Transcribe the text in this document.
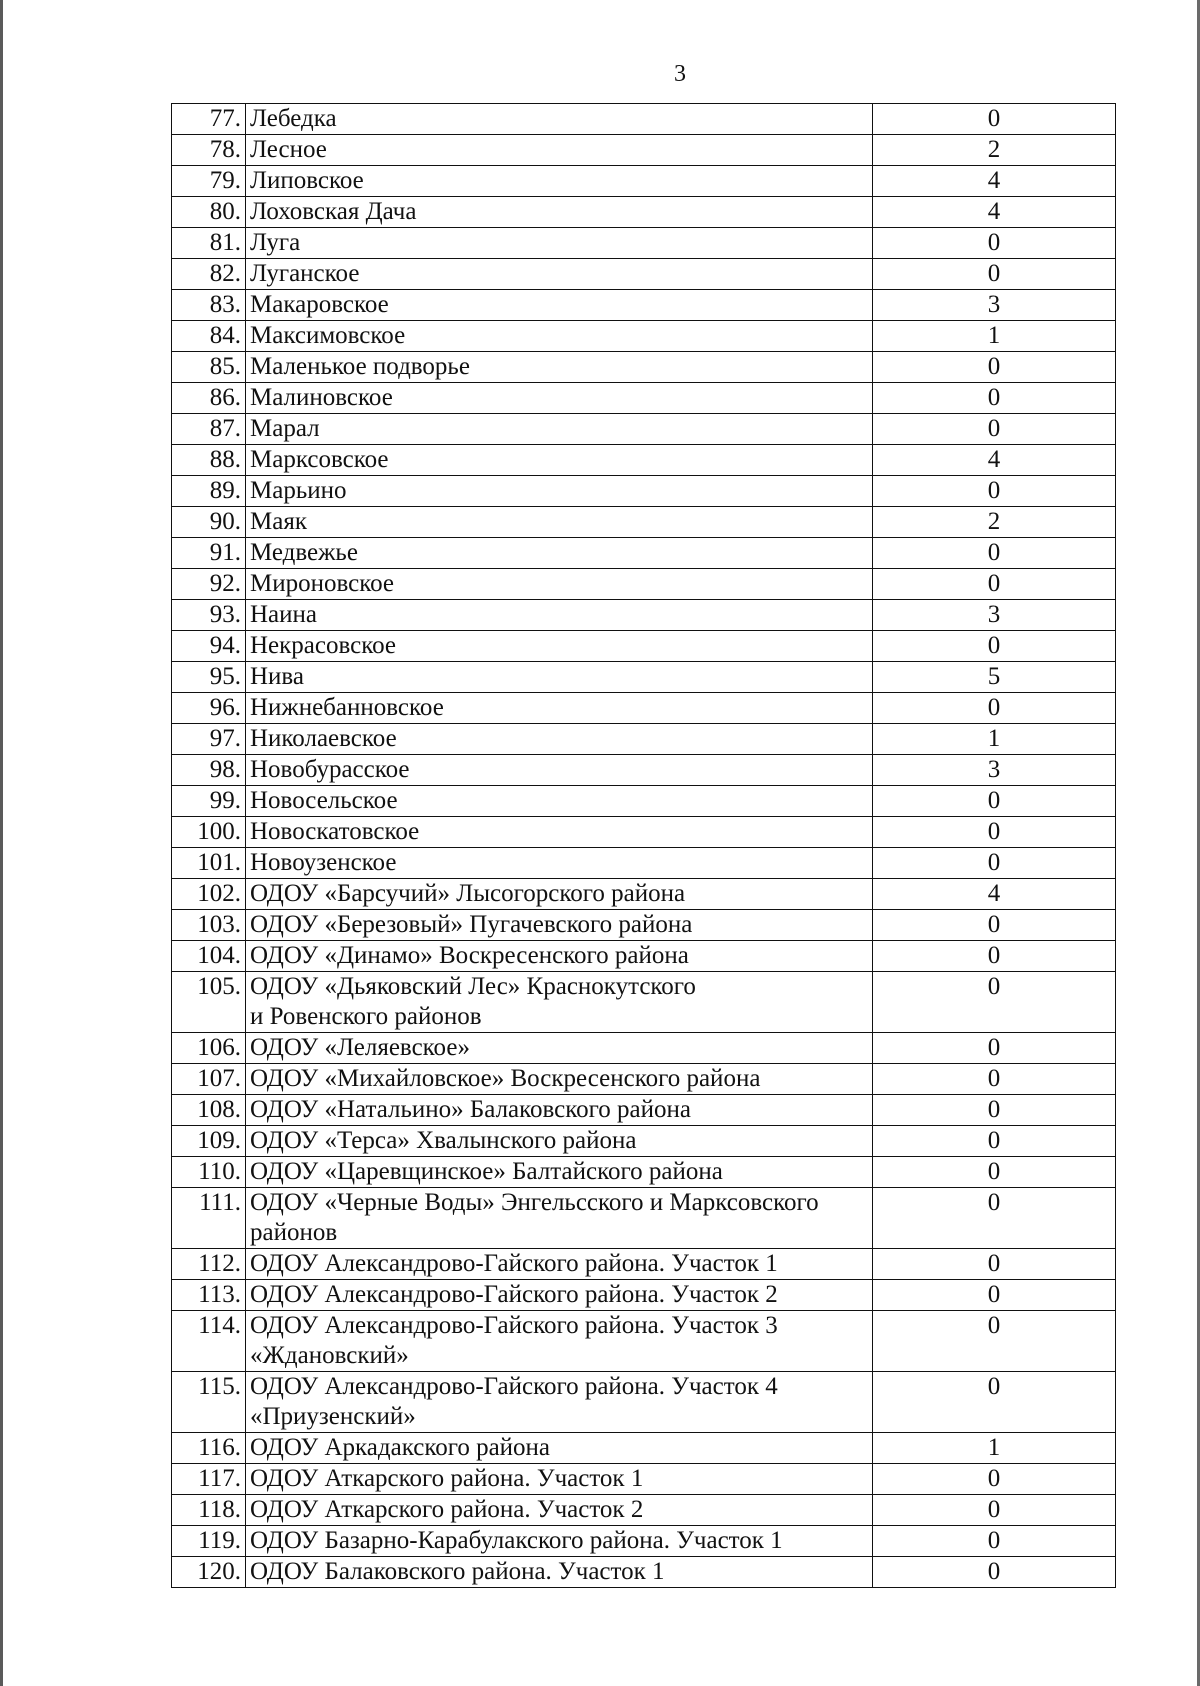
3
77.	Лебедка	0
78.	Лесное	2
79.	Липовское	4
80.	Лоховская Дача	4
81.	Луга	0
82.	Луганское	0
83.	Макаровское	3
84.	Максимовское	1
85.	Маленькое подворье	0
86.	Малиновское	0
87.	Марал	0
88.	Марксовское	4
89.	Марьино	0
90.	Маяк	2
91.	Медвежье	0
92.	Мироновское	0
93.	Наина	3
94.	Некрасовское	0
95.	Нива	5
96.	Нижнебанновское	0
97.	Николаевское	1
98.	Новобурасское	3
99.	Новосельское	0
100.	Новоскатовское	0
101.	Новоузенское	0
102.	ОДОУ «Барсучий» Лысогорского района	4
103.	ОДОУ «Березовый» Пугачевского района	0
104.	ОДОУ «Динамо» Воскресенского района	0
105.	ОДОУ «Дьяковский Лес» Краснокутского
и Ровенского районов	0
106.	ОДОУ «Леляевское»	0
107.	ОДОУ «Михайловское» Воскресенского района	0
108.	ОДОУ «Натальино» Балаковского района	0
109.	ОДОУ «Терса» Хвалынского района	0
110.	ОДОУ «Царевщинское» Балтайского района	0
111.	ОДОУ «Черные Воды» Энгельсского и Марксовского
районов	0
112.	ОДОУ Александрово-Гайского района. Участок 1	0
113.	ОДОУ Александрово-Гайского района. Участок 2	0
114.	ОДОУ Александрово-Гайского района. Участок 3
«Ждановский»	0
115.	ОДОУ Александрово-Гайского района. Участок 4
«Приузенский»	0
116.	ОДОУ Аркадакского района	1
117.	ОДОУ Аткарского района. Участок 1	0
118.	ОДОУ Аткарского района. Участок 2	0
119.	ОДОУ Базарно-Карабулакского района. Участок 1	0
120.	ОДОУ Балаковского района. Участок 1	0
